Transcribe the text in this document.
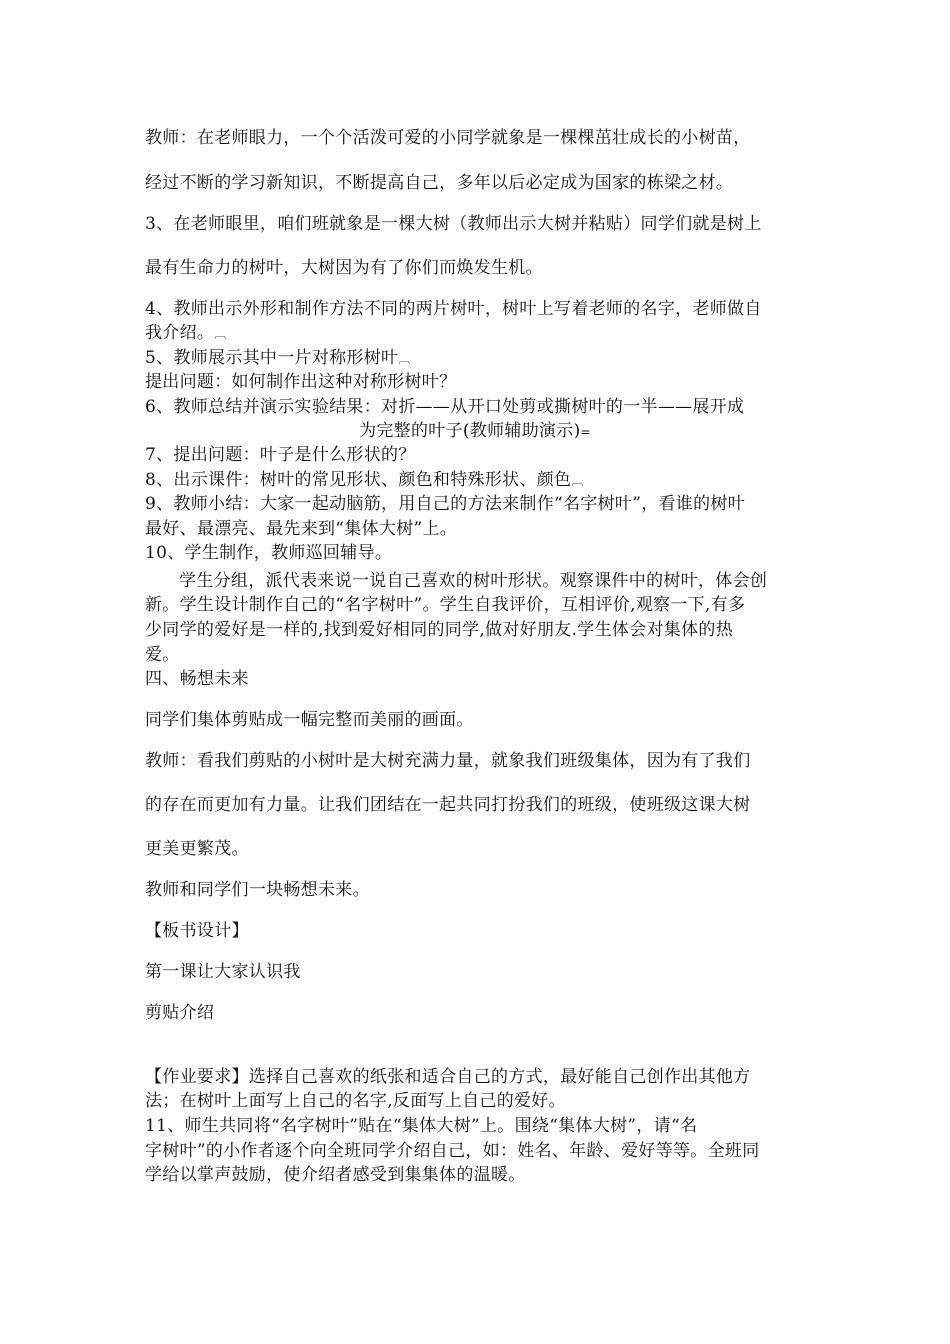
教师：在老师眼力，一个个活泼可爱的小同学就象是一棵棵茁壮成长的小树苗，
经过不断的学习新知识，不断提高自己，多年以后必定成为国家的栋梁之材。
3、在老师眼里，咱们班就象是一棵大树（教师出示大树并粘贴）同学们就是树上
最有生命力的树叶，大树因为有了你们而焕发生机。
4、教师出示外形和制作方法不同的两片树叶，树叶上写着老师的名字，老师做自
我介绍。︹
5、教师展示其中一片对称形树叶︹
提出问题：如何制作出这种对称形树叶？
6、教师总结并演示实验结果：对折——从开口处剪或撕树叶的一半——展开成
为完整的叶子(教师辅助演示)=
7、提出问题：叶子是什么形状的？
8、出示课件：树叶的常见形状、颜色和特殊形状、颜色︹
9、教师小结：大家一起动脑筋，用自己的方法来制作“名字树叶”，看谁的树叶
最好、最漂亮、最先来到“集体大树”上。
10、学生制作，教师巡回辅导。
学生分组，派代表来说一说自己喜欢的树叶形状。观察课件中的树叶，体会创
新。学生设计制作自己的“名字树叶”。学生自我评价，互相评价,观察一下,有多
少同学的爱好是一样的,找到爱好相同的同学,做对好朋友.学生体会对集体的热
爱。
四、畅想未来
同学们集体剪贴成一幅完整而美丽的画面。
教师：看我们剪贴的小树叶是大树充满力量，就象我们班级集体，因为有了我们
的存在而更加有力量。让我们团结在一起共同打扮我们的班级，使班级这课大树
更美更繁茂。
教师和同学们一块畅想未来。
【板书设计】
第一课让大家认识我
剪贴介绍
【作业要求】选择自己喜欢的纸张和适合自己的方式，最好能自己创作出其他方
法；在树叶上面写上自己的名字,反面写上自己的爱好。
11、师生共同将“名字树叶”贴在“集体大树”上。围绕“集体大树”，请“名
字树叶”的小作者逐个向全班同学介绍自己，如：姓名、年龄、爱好等等。全班同
学给以掌声鼓励，使介绍者感受到集集体的温暖。
